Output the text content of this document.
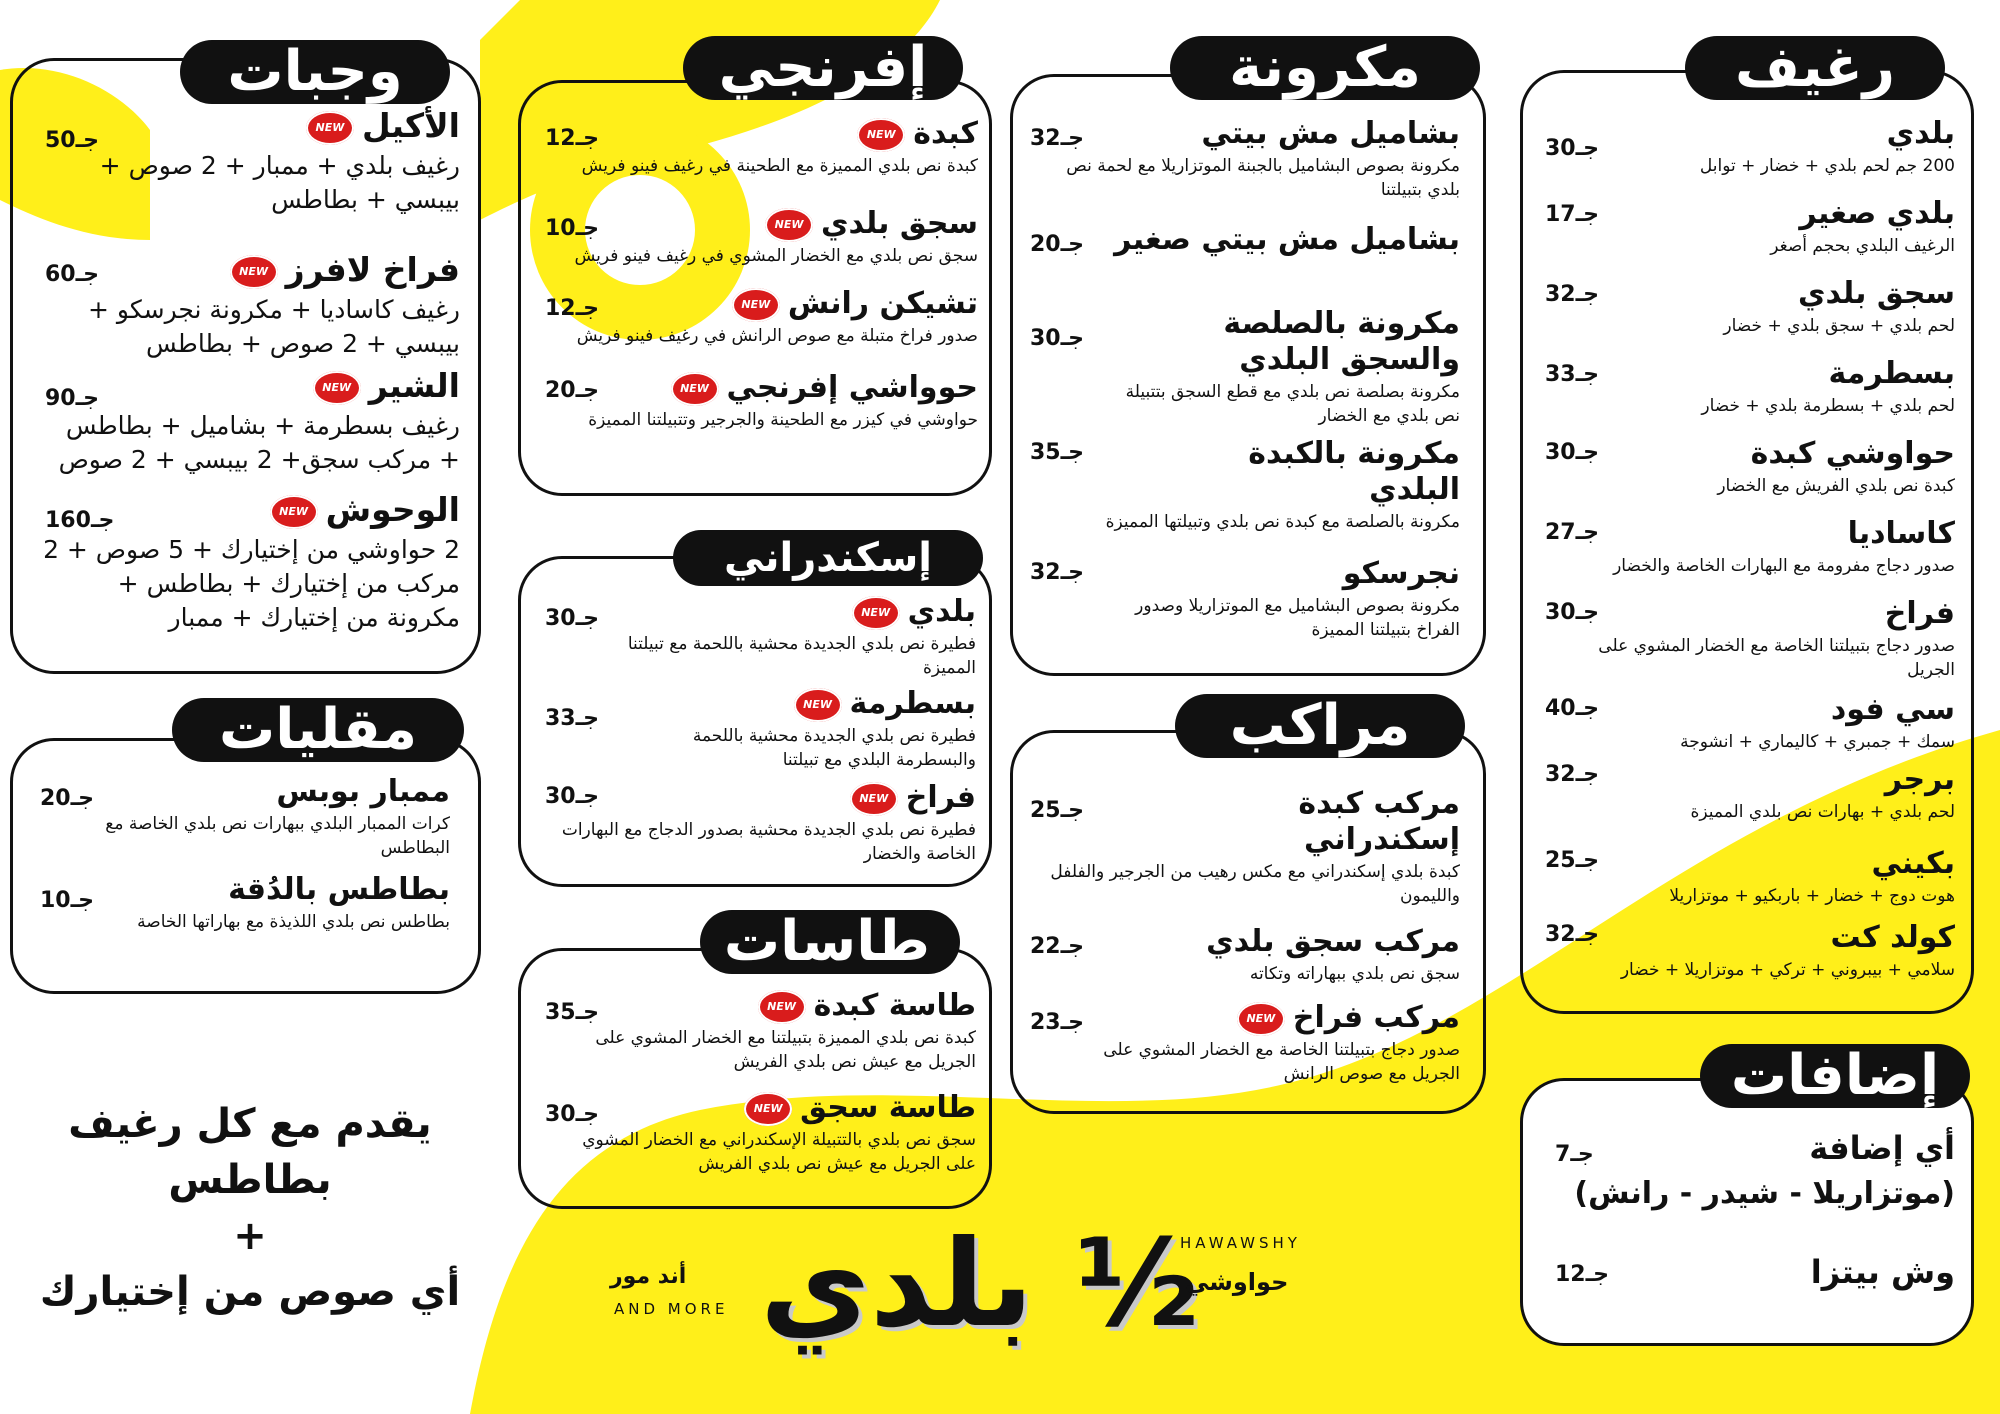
وجبات
الأكيلNEW
رغيف بلدي + ممبار + 2 صوص + بيبسي + بطاطس
50جـ
فراخ لافرزNEW
رغيف كاساديا + مكرونة نجرسكو + بيبسي + 2 صوص + بطاطس
60جـ
الشيرNEW
رغيف بسطرمة + بشاميل + بطاطس + مركب سجق+ 2 بيبسي + 2 صوص
90جـ
الوحوشNEW
2 حواوشي من إختيارك + 5 صوص + 2 مركب من إختيارك + بطاطس + مكرونة من إختيارك + ممبار
160جـ
إفرنجي
كبدةNEW
كبدة نص بلدي المميزة مع الطحينة في رغيف فينو فريش
12جـ
سجق بلديNEW
سجق نص بلدي مع الخضار المشوي في رغيف فينو فريش
10جـ
تشيكن رانشNEW
صدور فراخ متبلة مع صوص الرانش في رغيف فينو فريش
12جـ
حوواشي إفرنجيNEW
حواوشي في كيزر مع الطحينة والجرجير وتتبيلتنا المميزة
20جـ
مكرونة
بشاميل مش بيتي
مكرونة بصوص البشاميل بالجبنة الموتزاريلا مع لحمة نص بلدي بتبيلتنا
32جـ
بشاميل مش بيتي صغير
20جـ
مكرونة بالصلصة والسجق البلدي
مكرونة بصلصة نص بلدي مع قطع السجق بتتبيلة نص بلدي مع الخضار
30جـ
مكرونة بالكبدة البلدي
مكرونة بالصلصة مع كبدة نص بلدي وتبيلتها المميزة
35جـ
نجرسكو
مكرونة بصوص البشاميل مع الموتزاريلا وصدور الفراخ بتبيلتنا المميزة
32جـ
رغيف
بلدي
200 جم لحم بلدي + خضار + توابل
30جـ
بلدي صغير
الرغيف البلدي بحجم أصغر
17جـ
سجق بلدي
لحم بلدي + سجق بلدي + خضار
32جـ
بسطرمة
لحم بلدي + بسطرمة بلدي + خضار
33جـ
حواوشي كبدة
كبدة نص بلدي الفريش مع الخضار
30جـ
كاساديا
صدور دجاج مفرومة مع البهارات الخاصة والخضار
27جـ
فراخ
صدور دجاج بتبيلتنا الخاصة مع الخضار المشوي على الجريل
30جـ
سي فود
سمك + جمبري + كاليماري + انشوجة
40جـ
برجر
لحم بلدي + بهارات نص بلدي المميزة
32جـ
بكيني
هوت دوج + خضار + باربكيو + موتزاريلا
25جـ
كولد كت
سلامي + بيبروني + تركي + موتزاريلا + خضار
32جـ
مقليات
ممبار بوبس
كرات الممبار البلدي ببهارات نص بلدي الخاصة مع البطاطس
20جـ
بطاطس بالدُقة
بطاطس نص بلدي اللذيذة مع بهاراتها الخاصة
10جـ
إسكندراني
بلديNEW
فطيرة نص بلدي الجديدة محشية باللحمة مع تبيلتنا المميزة
30جـ
بسطرمةNEW
فطيرة نص بلدي الجديدة محشية باللحمة والبسطرمة البلدي مع تبيلتنا
33جـ
فراخNEW
فطيرة نص بلدي الجديدة محشية بصدور الدجاج مع البهارات الخاصة والخضار
30جـ
مراكب
مركب كبدة إسكندراني
كبدة بلدي إسكندراني مع مكس رهيب من الجرجير والفلفل والليمون
25جـ
مركب سجق بلدي
سجق نص بلدي ببهاراته وتكاته
22جـ
مركب فراخNEW
صدور دجاج بتبيلتنا الخاصة مع الخضار المشوي على الجريل مع صوص الرانش
23جـ
طاسات
طاسة كبدةNEW
كبدة نص بلدي المميزة بتبيلتنا مع الخضار المشوي على الجريل مع عيش نص بلدي الفريش
35جـ
طاسة سجقNEW
سجق نص بلدي بالتتبيلة الإسكندراني مع الخضار المشوي على الجريل مع عيش نص بلدي الفريش
30جـ
إضافات
أي إضافة
(موتزاريلا - شيدر - رانش)
7جـ
وش بيتزا
12جـ
يقدم مع كل رغيف
بطاطس
+
أي صوص من إختيارك	أند مور
AND MORE ½ بلدي
HAWAWSHY
حواوشي
